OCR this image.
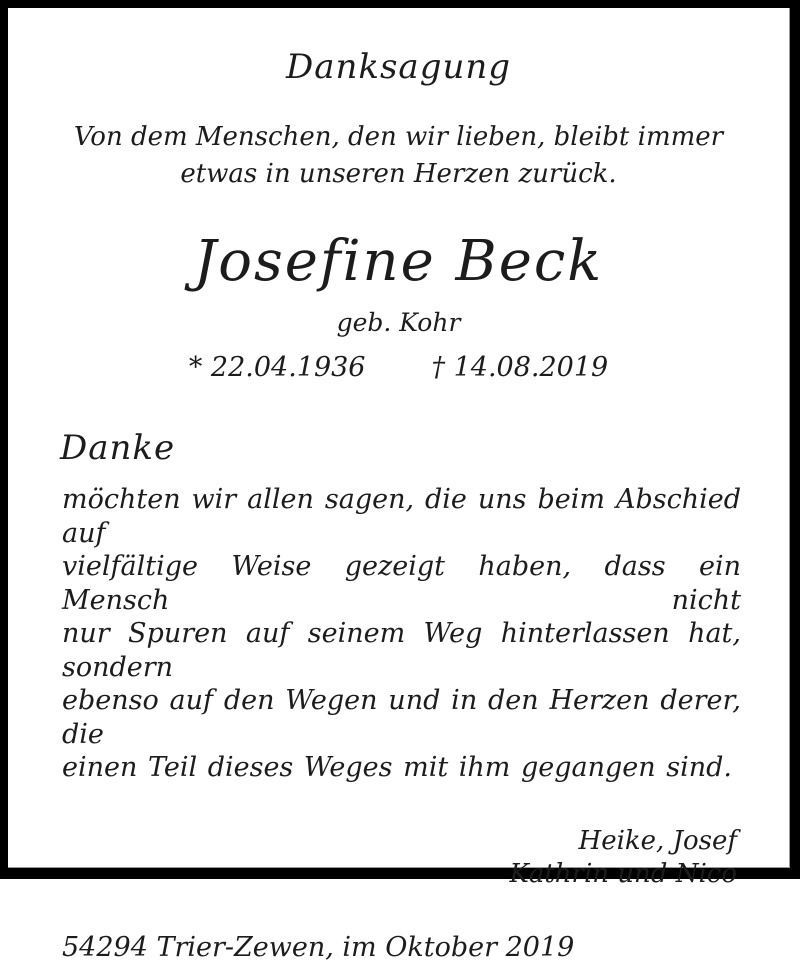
Danksagung
Von dem Menschen, den wir lieben, bleibt immer
etwas in unseren Herzen zurück.
Josefine Beck
geb. Kohr
* 22.04.1936 † 14.08.2019
Danke
möchten wir allen sagen, die uns beim Abschied auf
vielfältige Weise gezeigt haben, dass ein Mensch nicht
nur Spuren auf seinem Weg hinterlassen hat, sondern
ebenso auf den Wegen und in den Herzen derer, die
einen Teil dieses Weges mit ihm gegangen sind.
Heike, Josef
Kathrin und Nico
54294 Trier-Zewen, im Oktober 2019
